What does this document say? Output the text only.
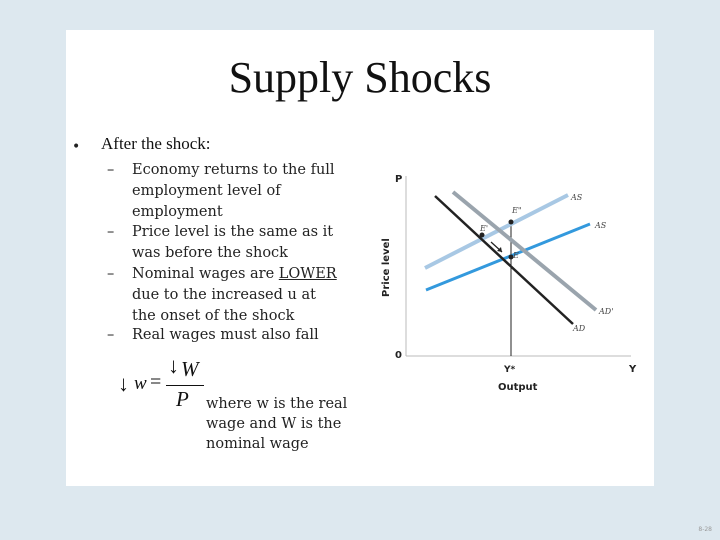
Supply Shocks
• After the shock:
–	Economy returns to the full employment level of employment
–	Price level is the same as it was before the shock
–	Nominal wages are LOWER due to the increased u at the onset of the shock
–	Real wages must also fall
↓ w =
↓ W
P	where w is the real wage and W is the nominal wage
P
Price level
0
Y*	Y
Output
AS
AS
AD'
AD
E"
E'
E
8-28
